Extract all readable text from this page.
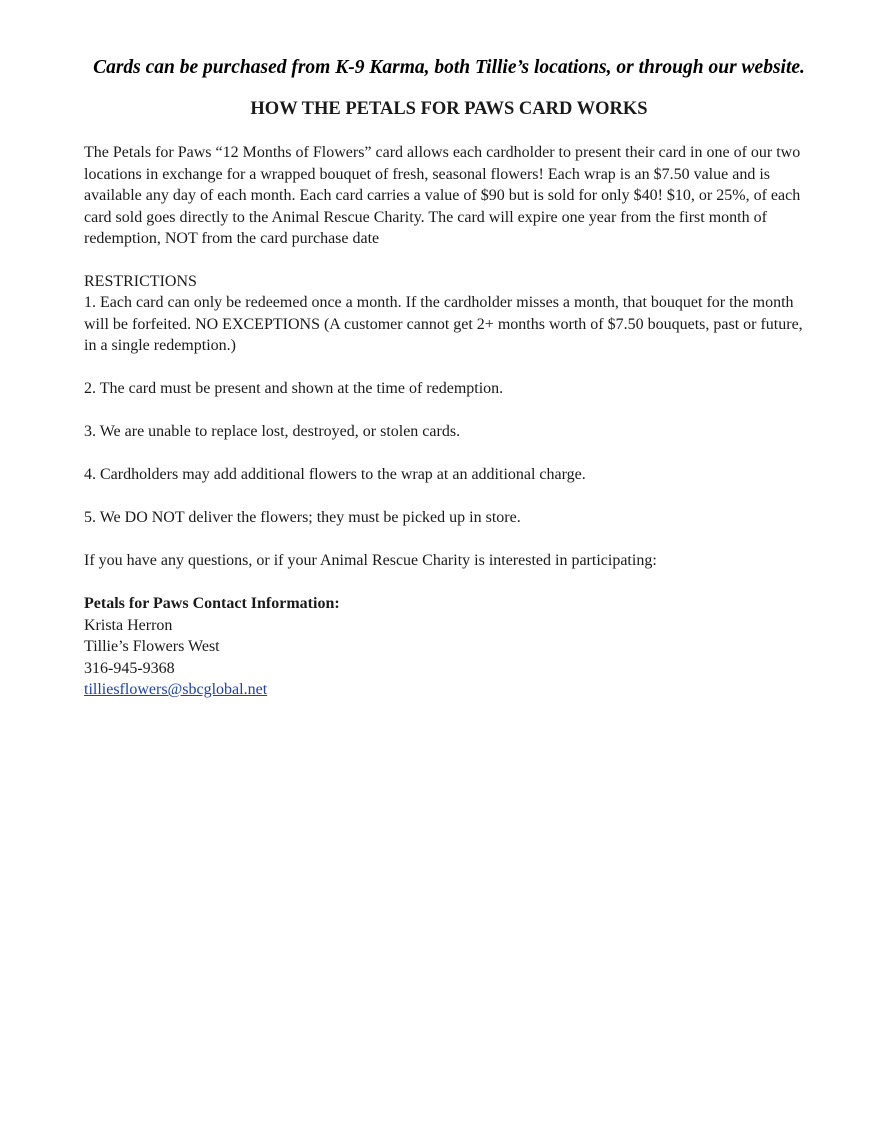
Cards can be purchased from K-9 Karma, both Tillie’s locations, or through our website.

HOW THE PETALS FOR PAWS CARD WORKS

The Petals for Paws “12 Months of Flowers” card allows each cardholder to present their card in one of our two locations in exchange for a wrapped bouquet of fresh, seasonal flowers! Each wrap is an $7.50 value and is available any day of each month. Each card carries a value of $90 but is sold for only $40! $10, or 25%, of each card sold goes directly to the Animal Rescue Charity. The card will expire one year from the first month of redemption, NOT from the card purchase date

RESTRICTIONS

1. Each card can only be redeemed once a month. If the cardholder misses a month, that bouquet for the month will be forfeited. NO EXCEPTIONS (A customer cannot get 2+ months worth of $7.50 bouquets, past or future, in a single redemption.)

2. The card must be present and shown at the time of redemption.

3. We are unable to replace lost, destroyed, or stolen cards.

4. Cardholders may add additional flowers to the wrap at an additional charge.

5. We DO NOT deliver the flowers; they must be picked up in store.

If you have any questions, or if your Animal Rescue Charity is interested in participating:

Petals for Paws Contact Information:

Krista Herron

Tillie’s Flowers West

316-945-9368

tilliesflowers@sbcglobal.net
